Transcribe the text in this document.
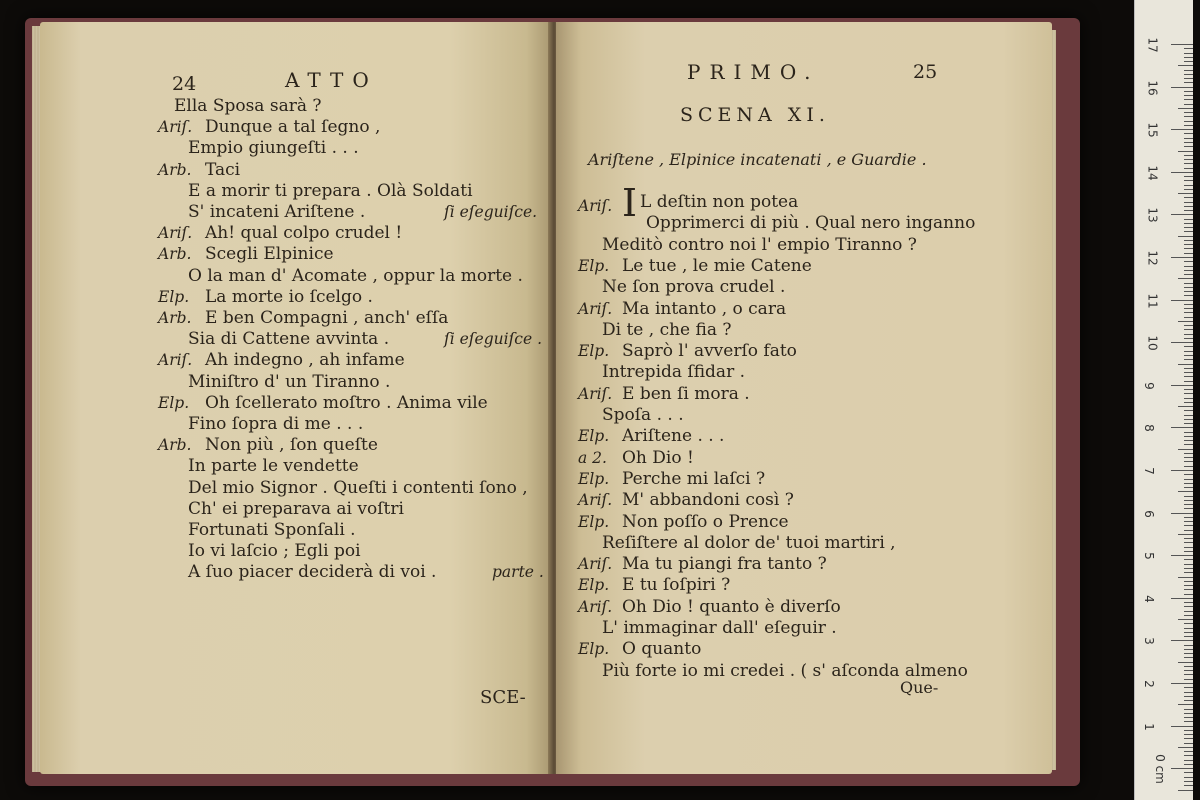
24	ATTO
Ella Sposa sarà ?
Ariſ. Dunque a tal ſegno ,
Empio giungeſti . . .
Arb. Taci
E a morir ti prepara . Olà Soldati
S' incateni Ariſtene .	ſi eſeguiſce.
Ariſ. Ah! qual colpo crudel !
Arb. Scegli Elpinice
O la man d' Acomate , oppur la morte .
Elp. La morte io ſcelgo .
Arb. E ben Compagni , anch' eſſa
Sia di Cattene avvinta .	ſi eſeguiſce .
Ariſ. Ah indegno , ah infame
Miniſtro d' un Tiranno .
Elp. Oh ſcellerato moſtro . Anima vile
Fino ſopra di me . . .
Arb. Non più , ſon queſte
In parte le vendette
Del mio Signor . Queſti i contenti ſono ,
Ch' ei preparava ai voſtri
Fortunati Sponſali .
Io vi laſcio ; Egli poi
A ſuo piacer deciderà di voi .	parte .
SCE-
PRIMO.	25
SCENA XI.
Ariſtene , Elpinice incatenati , e Guardie .
Ariſ. I L deſtin non potea
Opprimerci di più . Qual nero inganno
Meditò contro noi l' empio Tiranno ?
Elp. Le tue , le mie Catene
Ne ſon prova crudel .
Ariſ. Ma intanto , o cara
Di te , che fia ?
Elp. Saprò l' avverſo fato
Intrepida ſfidar .
Ariſ. E ben ſi mora .
Spoſa . . .
Elp. Ariſtene . . .
a 2. Oh Dio !
Elp. Perche mi laſci ?
Ariſ. M' abbandoni così ?
Elp. Non poſſo o Prence
Reſiſtere al dolor de' tuoi martiri ,
Ariſ. Ma tu piangi fra tanto ?
Elp. E tu ſoſpiri ?
Ariſ. Oh Dio ! quanto è diverſo
L' immaginar dall' eſeguir .
Elp. O quanto
Più forte io mi credei . ( s' aſconda almeno
Que-
17
16
15
14
13
12
11
10
9
8
7
6
5
4
3
2
1
0 cm
